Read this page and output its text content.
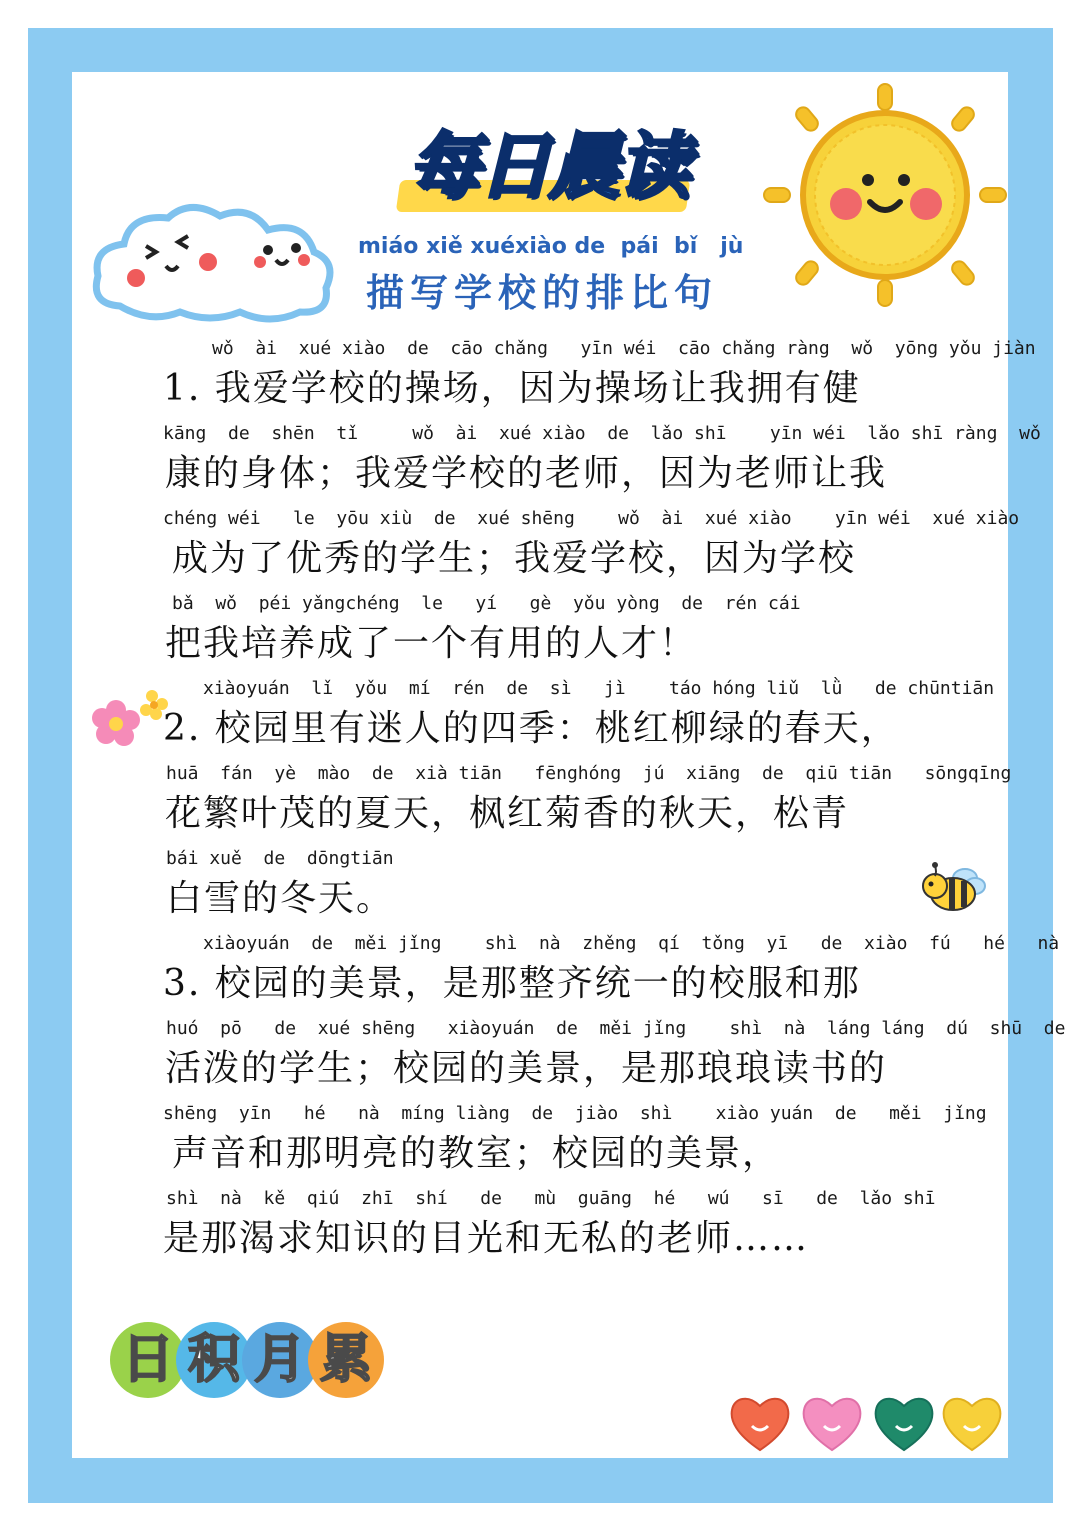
每日晨读
miáo xiě xuéxiào de  pái  bǐ   jù
描写学校的排比句
wǒ  ài  xué xiào  de  cāo chǎng   yīn wéi  cāo chǎng ràng  wǒ  yōng yǒu jiàn
1. 我爱学校的操场，因为操场让我拥有健
kāng  de  shēn  tǐ     wǒ  ài  xué xiào  de  lǎo shī    yīn wéi  lǎo shī ràng  wǒ
康的身体；我爱学校的老师，因为老师让我
chéng wéi   le  yōu xiù  de  xué shēng    wǒ  ài  xué xiào    yīn wéi  xué xiào
成为了优秀的学生；我爱学校，因为学校
bǎ  wǒ  péi yǎngchéng  le   yí   gè  yǒu yòng  de  rén cái
把我培养成了一个有用的人才！
xiàoyuán  lǐ  yǒu  mí  rén  de  sì   jì    táo hóng liǔ  lǜ   de chūntiān
2. 校园里有迷人的四季：桃红柳绿的春天，
huā  fán  yè  mào  de  xià tiān   fēnghóng  jú  xiāng  de  qiū tiān   sōngqīng
花繁叶茂的夏天，枫红菊香的秋天，松青
bái xuě  de  dōngtiān
白雪的冬天。
xiàoyuán  de  měi jǐng    shì  nà  zhěng  qí  tǒng  yī   de  xiào  fú   hé   nà
3. 校园的美景，是那整齐统一的校服和那
huó  pō   de  xué shēng   xiàoyuán  de  měi jǐng    shì  nà  láng láng  dú  shū  de
活泼的学生；校园的美景，是那琅琅读书的
shēng  yīn   hé   nà  míng liàng  de  jiào  shì    xiào yuán  de   měi  jǐng
声音和那明亮的教室；校园的美景，
shì  nà  kě  qiú  zhī  shí   de   mù  guāng  hé   wú   sī   de  lǎo shī
是那渴求知识的目光和无私的老师……
日 积 月 累
